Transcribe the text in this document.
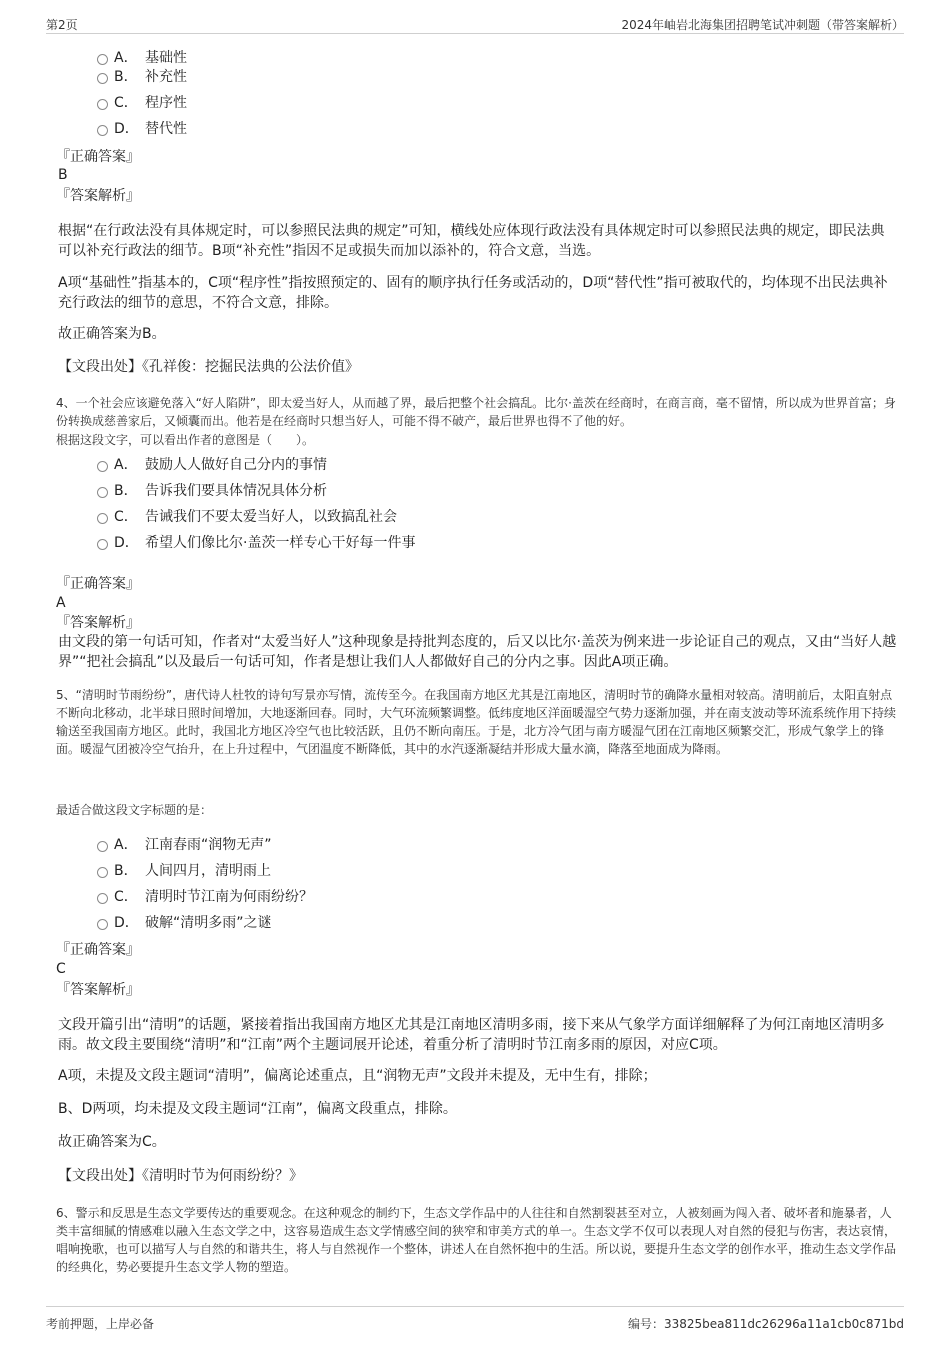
第2页	2024年岫岩北海集团招聘笔试冲刺题（带答案解析）
A． 基础性
B． 补充性
C． 程序性
D． 替代性
『正确答案』
B
『答案解析』
根据“在行政法没有具体规定时，可以参照民法典的规定”可知，横线处应体现行政法没有具体规定时可以参照民法典的规定，即民法典可以补充行政法的细节。B项“补充性”指因不足或损失而加以添补的，符合文意，当选。
A项“基础性”指基本的，C项“程序性”指按照预定的、固有的顺序执行任务或活动的，D项“替代性”指可被取代的，均体现不出民法典补充行政法的细节的意思，不符合文意，排除。
故正确答案为B。
【文段出处】《孔祥俊：挖掘民法典的公法价值》
4、一个社会应该避免落入“好人陷阱”，即太爱当好人，从而越了界，最后把整个社会搞乱。比尔·盖茨在经商时，在商言商，毫不留情，所以成为世界首富；身份转换成慈善家后，又倾囊而出。他若是在经商时只想当好人，可能不得不破产，最后世界也得不了他的好。
根据这段文字，可以看出作者的意图是（　　）。
A． 鼓励人人做好自己分内的事情
B． 告诉我们要具体情况具体分析
C． 告诫我们不要太爱当好人，以致搞乱社会
D． 希望人们像比尔·盖茨一样专心干好每一件事
『正确答案』
A
『答案解析』
由文段的第一句话可知，作者对“太爱当好人”这种现象是持批判态度的，后又以比尔·盖茨为例来进一步论证自己的观点，又由“当好人越界”“把社会搞乱”以及最后一句话可知，作者是想让我们人人都做好自己的分内之事。因此A项正确。
5、“清明时节雨纷纷”，唐代诗人杜牧的诗句写景亦写情，流传至今。在我国南方地区尤其是江南地区，清明时节的确降水量相对较高。清明前后，太阳直射点不断向北移动，北半球日照时间增加，大地逐渐回春。同时，大气环流频繁调整。低纬度地区洋面暖湿空气势力逐渐加强，并在南支波动等环流系统作用下持续输送至我国南方地区。此时，我国北方地区冷空气也比较活跃，且仍不断向南压。于是，北方冷气团与南方暖湿气团在江南地区频繁交汇，形成气象学上的锋面。暖湿气团被冷空气抬升，在上升过程中，气团温度不断降低，其中的水汽逐渐凝结并形成大量水滴，降落至地面成为降雨。
最适合做这段文字标题的是：
A． 江南春雨“润物无声”
B． 人间四月，清明雨上
C． 清明时节江南为何雨纷纷？
D． 破解“清明多雨”之谜
『正确答案』
C
『答案解析』
文段开篇引出“清明”的话题，紧接着指出我国南方地区尤其是江南地区清明多雨，接下来从气象学方面详细解释了为何江南地区清明多雨。故文段主要围绕“清明”和“江南”两个主题词展开论述，着重分析了清明时节江南多雨的原因，对应C项。
A项，未提及文段主题词“清明”，偏离论述重点，且“润物无声”文段并未提及，无中生有，排除；
B、D两项，均未提及文段主题词“江南”，偏离文段重点，排除。
故正确答案为C。
【文段出处】《清明时节为何雨纷纷？》
6、警示和反思是生态文学要传达的重要观念。在这种观念的制约下，生态文学作品中的人往往和自然割裂甚至对立，人被刻画为闯入者、破坏者和施暴者，人类丰富细腻的情感难以融入生态文学之中，这容易造成生态文学情感空间的狭窄和审美方式的单一。生态文学不仅可以表现人对自然的侵犯与伤害，表达哀情，唱响挽歌，也可以描写人与自然的和谐共生，将人与自然视作一个整体，讲述人在自然怀抱中的生活。所以说，要提升生态文学的创作水平，推动生态文学作品的经典化，势必要提升生态文学人物的塑造。
考前押题，上岸必备	编号：33825bea811dc26296a11a1cb0c871bd
